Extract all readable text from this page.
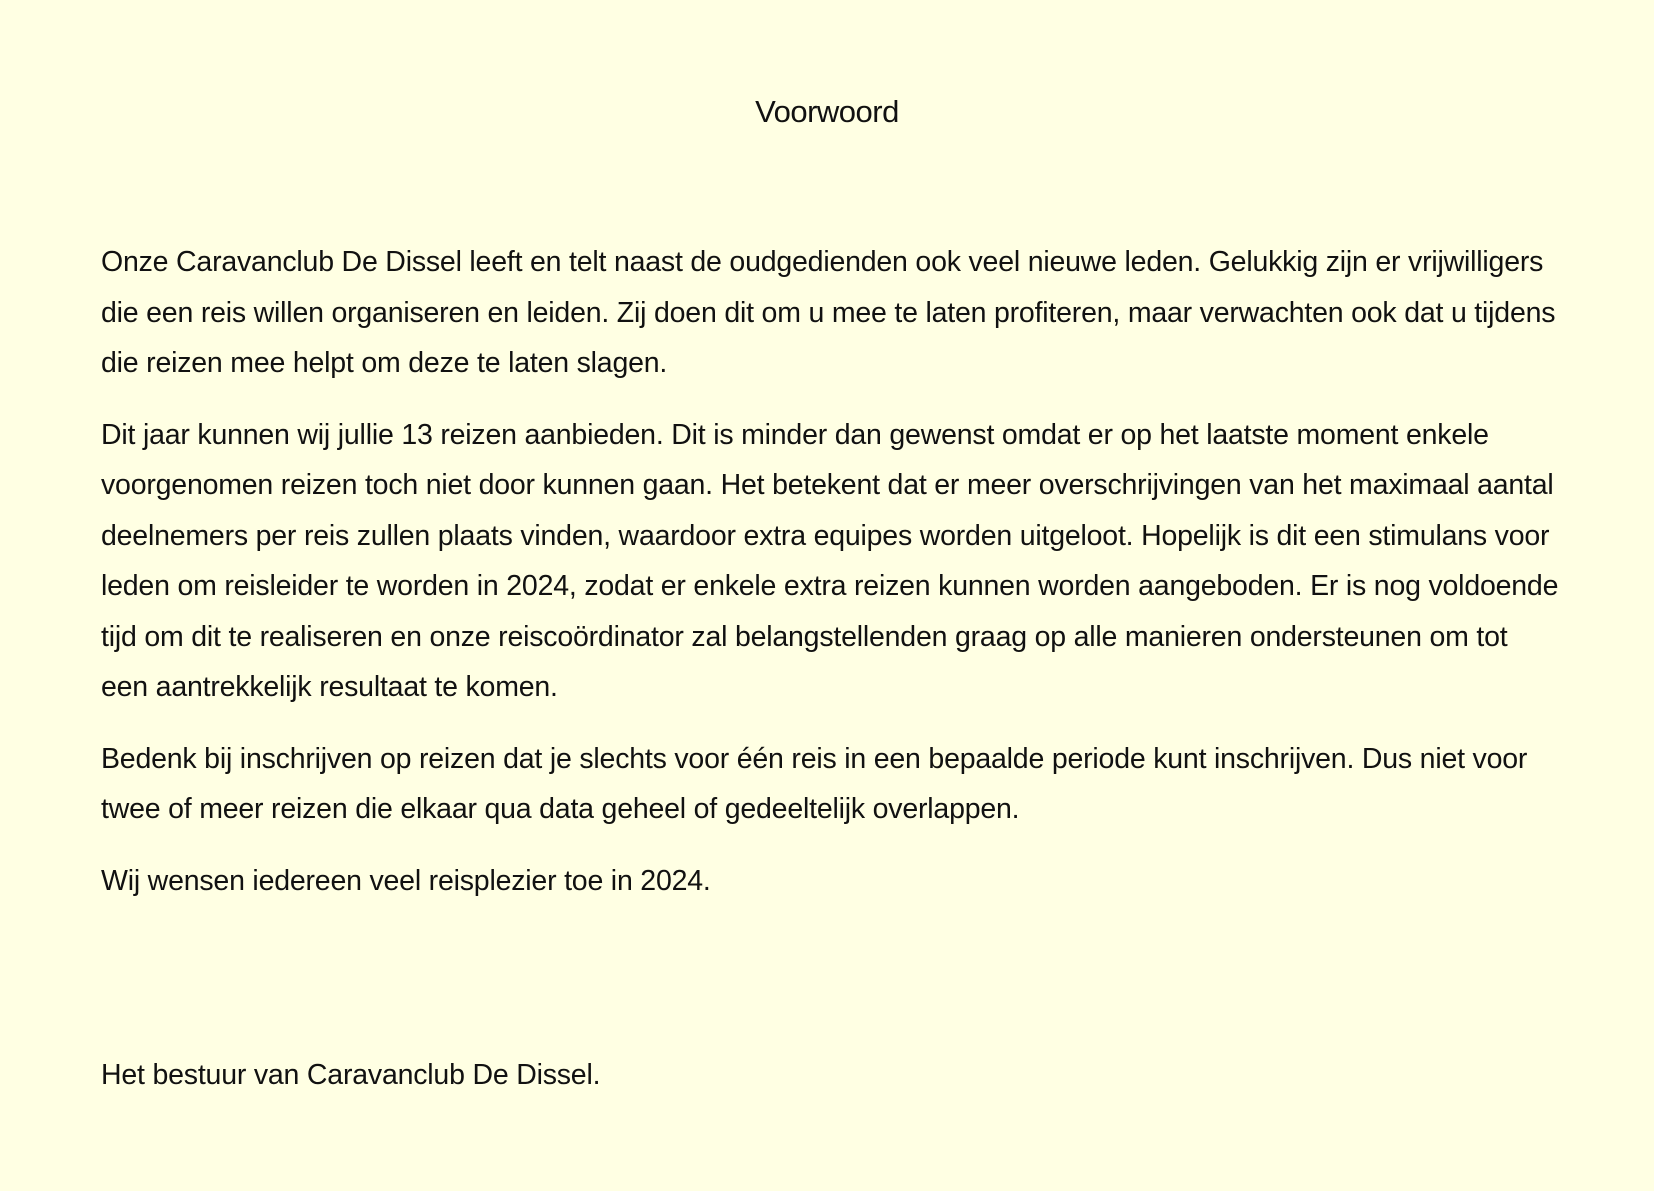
Voorwoord

Onze Caravanclub De Dissel leeft en telt naast de oudgedienden ook veel nieuwe leden. Gelukkig zijn er vrijwilligers die een reis willen organiseren en leiden. Zij doen dit om u mee te laten profiteren, maar verwachten ook dat u tijdens die reizen mee helpt om deze te laten slagen.

Dit jaar kunnen wij jullie 13 reizen aanbieden. Dit is minder dan gewenst omdat er op het laatste moment enkele voorgenomen reizen toch niet door kunnen gaan. Het betekent dat er meer overschrijvingen van het maximaal aantal deelnemers per reis zullen plaats vinden, waardoor extra equipes worden uitgeloot. Hopelijk is dit een stimulans voor leden om reisleider te worden in 2024, zodat er enkele extra reizen kunnen worden aangeboden. Er is nog voldoende tijd om dit te realiseren en onze reiscoördinator zal belangstellenden graag op alle manieren ondersteunen om tot een aantrekkelijk resultaat te komen.

Bedenk bij inschrijven op reizen dat je slechts voor één reis in een bepaalde periode kunt inschrijven. Dus niet voor twee of meer reizen die elkaar qua data geheel of gedeeltelijk overlappen.

Wij wensen iedereen veel reisplezier toe in 2024.

Het bestuur van Caravanclub De Dissel.
